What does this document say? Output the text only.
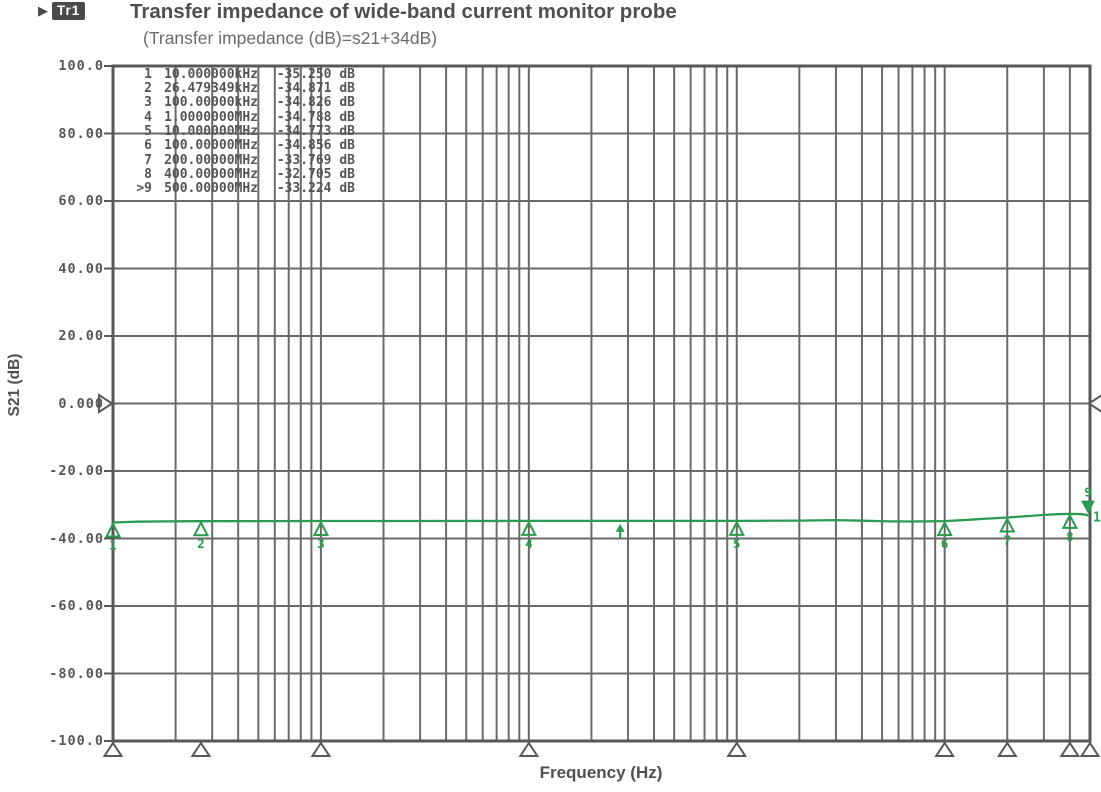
1	2	3	4	5	6	7	8
9
1
▶ Tr1 Transfer impedance of wide-band current monitor probe
(Transfer impedance (dB)=s21+34dB)
100.0
80.00
60.00
40.00
20.00
0.000
-20.00
-40.00
-60.00
-80.00
-100.0
1 10.000000kHz	-35.250 dB
2 26.479349kHz	-34.871 dB
3 100.00000kHz	-34.826 dB
4 1.0000000MHz	-34.788 dB
5 10.000000MHz	-34.773 dB
6 100.00000MHz	-34.856 dB
7 200.00000MHz	-33.769 dB
8 400.00000MHz	-32.705 dB
>9 500.00000MHz	-33.224 dB
S21 (dB)
Frequency (Hz)
